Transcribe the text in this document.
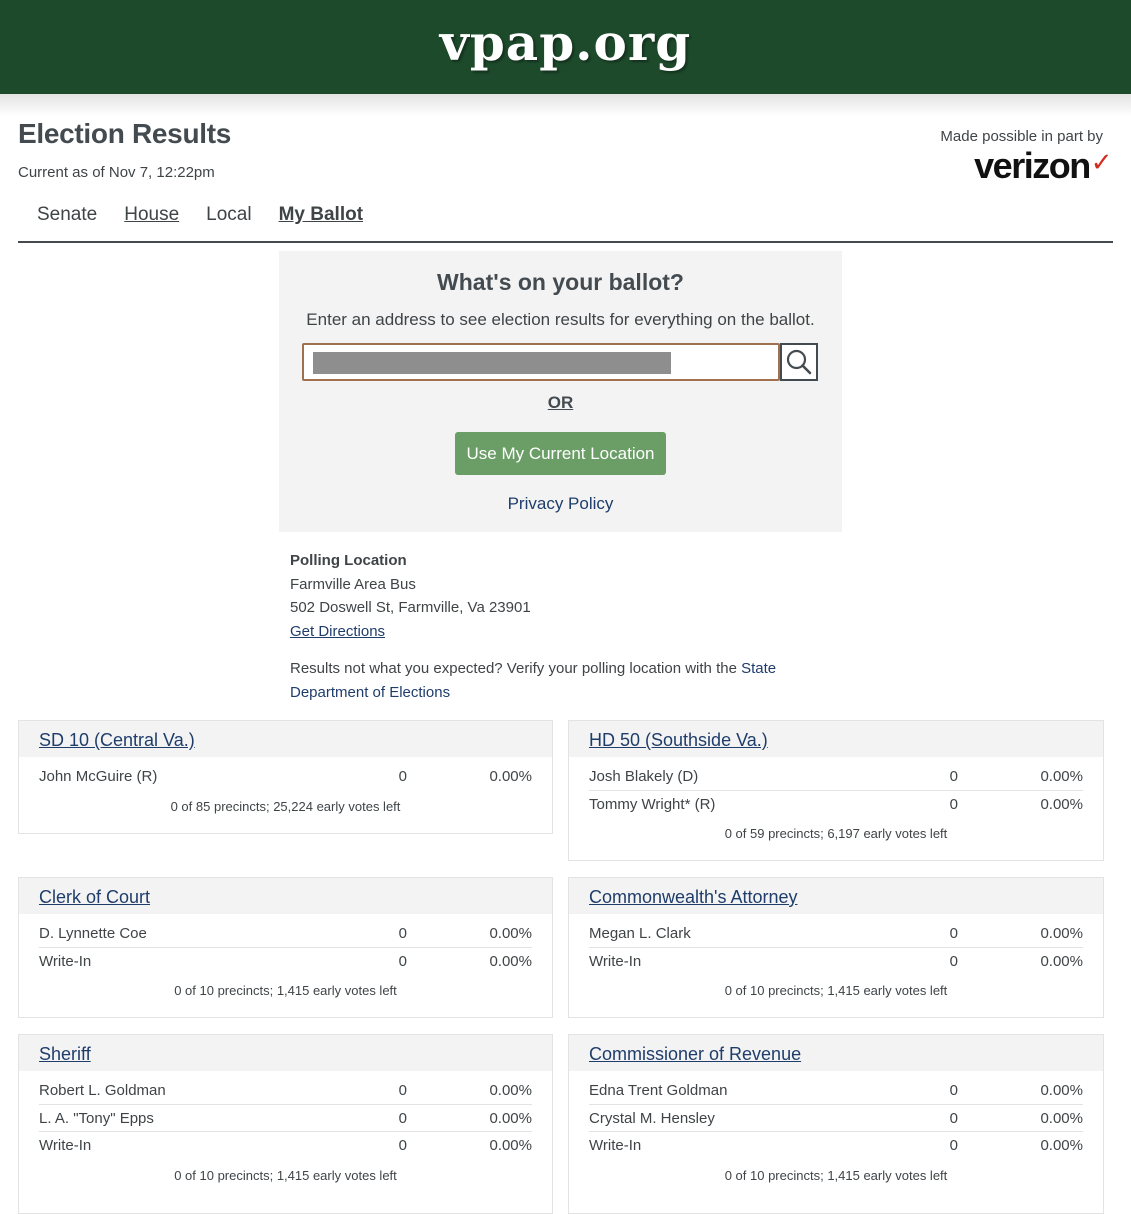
vpap.org
Election Results
Current as of Nov 7, 12:22pm
Made possible in part by
verizon✓
Senate House Local My Ballot
What's on your ballot?
Enter an address to see election results for everything on the ballot.
OR
Use My Current Location
Privacy Policy
Polling Location
Farmville Area Bus
502 Doswell St, Farmville, Va 23901
Get Directions
Results not what you expected? Verify your polling location with the State Department of Elections
SD 10 (Central Va.)
John McGuire (R)	0	0.00%
0 of 85 precincts; 25,224 early votes left
HD 50 (Southside Va.)
Josh Blakely (D)	0	0.00%
Tommy Wright* (R)	0	0.00%
0 of 59 precincts; 6,197 early votes left
Clerk of Court
D. Lynnette Coe	0	0.00%
Write-In	0	0.00%
0 of 10 precincts; 1,415 early votes left
Commonwealth's Attorney
Megan L. Clark	0	0.00%
Write-In	0	0.00%
0 of 10 precincts; 1,415 early votes left
Sheriff
Robert L. Goldman	0	0.00%
L. A. "Tony" Epps	0	0.00%
Write-In	0	0.00%
0 of 10 precincts; 1,415 early votes left
Commissioner of Revenue
Edna Trent Goldman	0	0.00%
Crystal M. Hensley	0	0.00%
Write-In	0	0.00%
0 of 10 precincts; 1,415 early votes left
